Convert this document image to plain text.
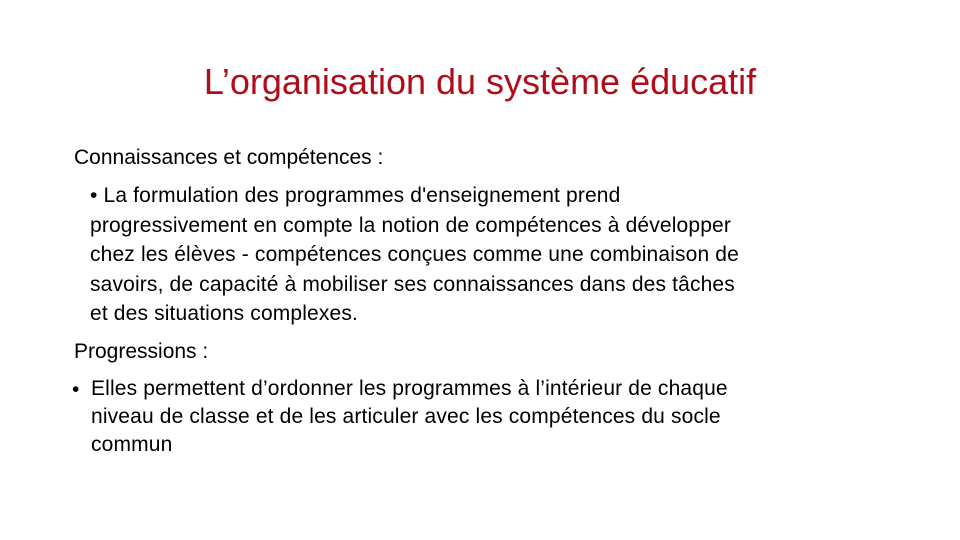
L’organisation du système éducatif

Connaissances et compétences :

• La formulation des programmes d'enseignement prend
progressivement en compte la notion de compétences à développer
chez les élèves - compétences conçues comme une combinaison de
savoirs, de capacité à mobiliser ses connaissances dans des tâches
et des situations complexes.

Progressions :

• Elles permettent d’ordonner les programmes à l’intérieur de chaque
niveau de classe et de les articuler avec les compétences du socle
commun
